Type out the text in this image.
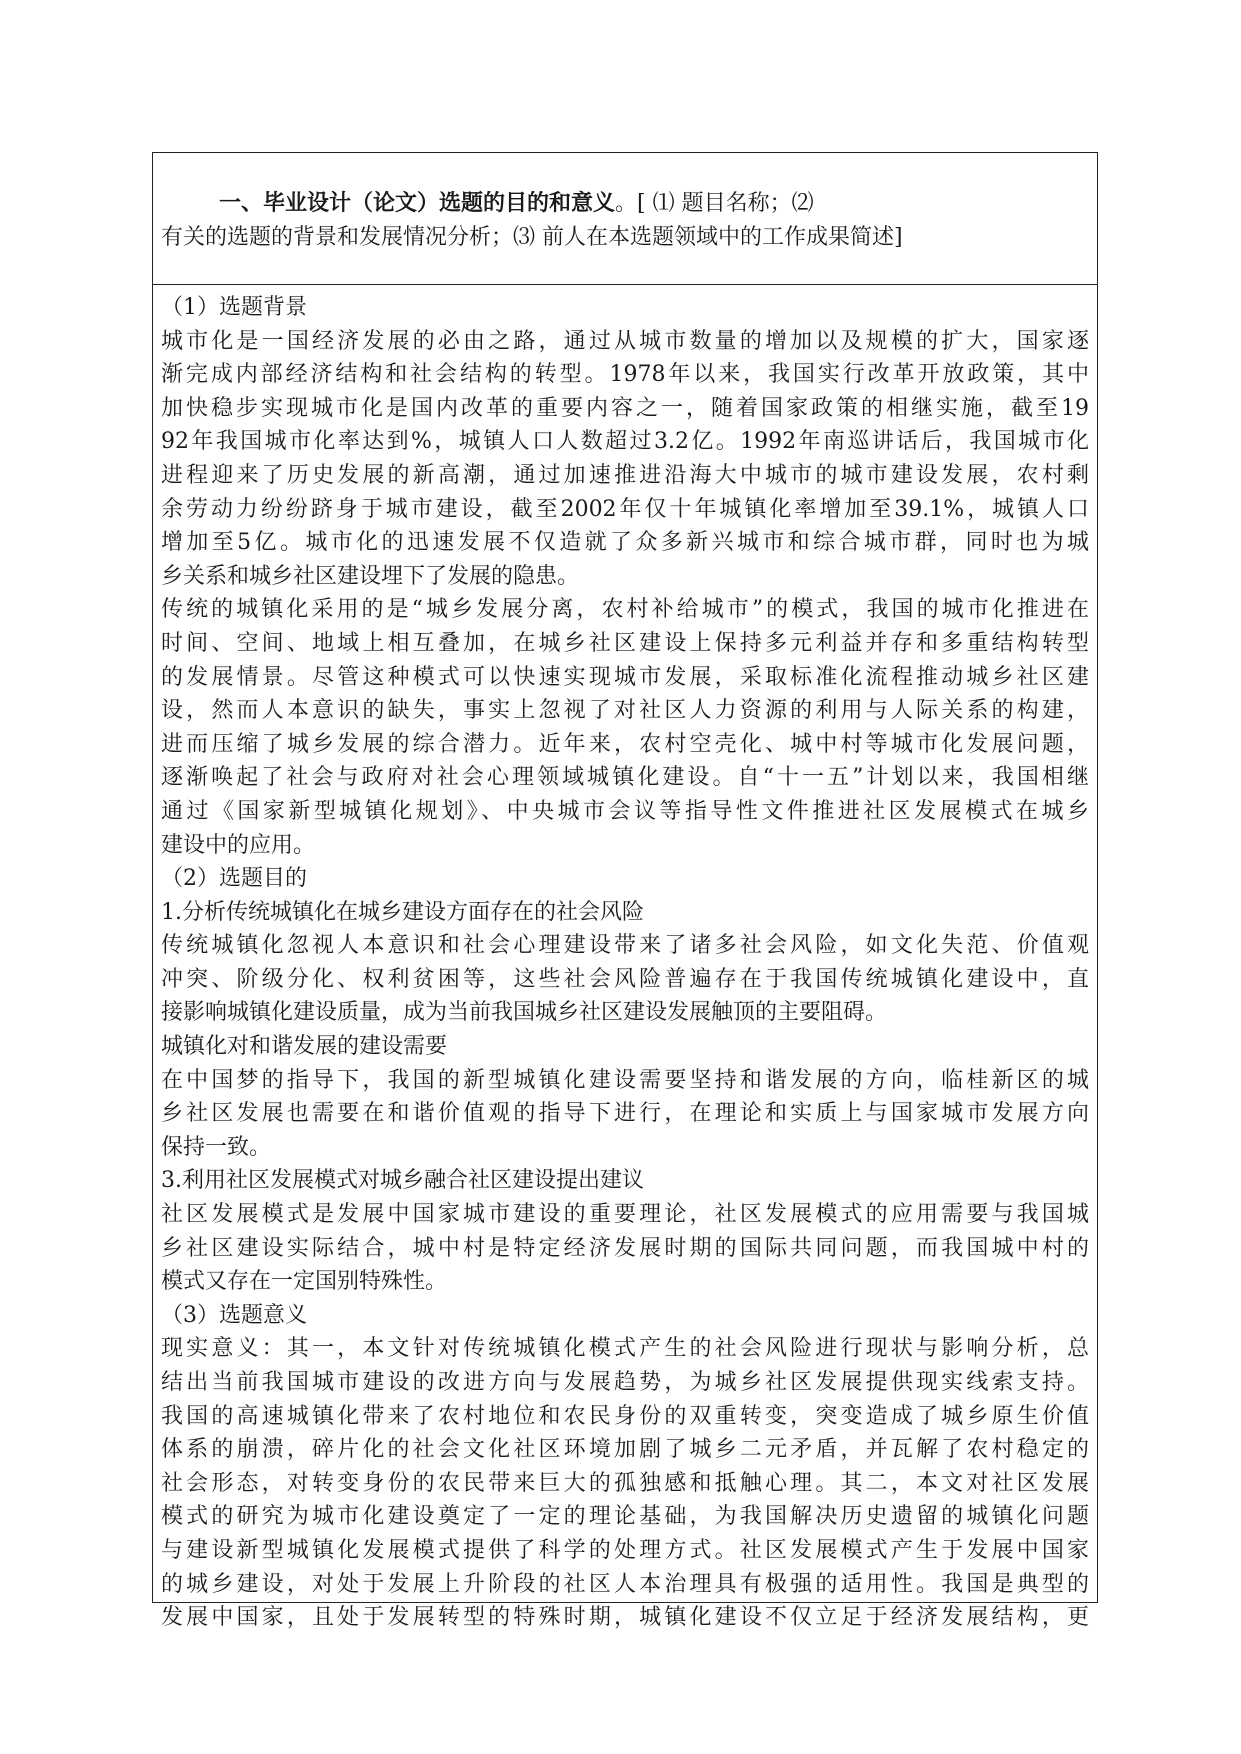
一、毕业设计（论文）选题的目的和意义。[ ⑴ 题目名称；⑵
有关的选题的背景和发展情况分析；⑶ 前人在本选题领域中的工作成果简述]
（1）选题背景
城市化是一国经济发展的必由之路，通过从城市数量的增加以及规模的扩大，国家逐
渐完成内部经济结构和社会结构的转型。1978年以来，我国实行改革开放政策，其中
加快稳步实现城市化是国内改革的重要内容之一，随着国家政策的相继实施，截至19
92年我国城市化率达到%，城镇人口人数超过3.2亿。1992年南巡讲话后，我国城市化
进程迎来了历史发展的新高潮，通过加速推进沿海大中城市的城市建设发展，农村剩
余劳动力纷纷跻身于城市建设，截至2002年仅十年城镇化率增加至39.1%，城镇人口
增加至5亿。城市化的迅速发展不仅造就了众多新兴城市和综合城市群，同时也为城
乡关系和城乡社区建设埋下了发展的隐患。
传统的城镇化采用的是“城乡发展分离，农村补给城市”的模式，我国的城市化推进在
时间、空间、地域上相互叠加，在城乡社区建设上保持多元利益并存和多重结构转型
的发展情景。尽管这种模式可以快速实现城市发展，采取标准化流程推动城乡社区建
设，然而人本意识的缺失，事实上忽视了对社区人力资源的利用与人际关系的构建，
进而压缩了城乡发展的综合潜力。近年来，农村空壳化、城中村等城市化发展问题，
逐渐唤起了社会与政府对社会心理领域城镇化建设。自“十一五”计划以来，我国相继
通过《国家新型城镇化规划》、中央城市会议等指导性文件推进社区发展模式在城乡
建设中的应用。
（2）选题目的
1.分析传统城镇化在城乡建设方面存在的社会风险
传统城镇化忽视人本意识和社会心理建设带来了诸多社会风险，如文化失范、价值观
冲突、阶级分化、权利贫困等，这些社会风险普遍存在于我国传统城镇化建设中，直
接影响城镇化建设质量，成为当前我国城乡社区建设发展触顶的主要阻碍。
城镇化对和谐发展的建设需要
在中国梦的指导下，我国的新型城镇化建设需要坚持和谐发展的方向，临桂新区的城
乡社区发展也需要在和谐价值观的指导下进行，在理论和实质上与国家城市发展方向
保持一致。
3.利用社区发展模式对城乡融合社区建设提出建议
社区发展模式是发展中国家城市建设的重要理论，社区发展模式的应用需要与我国城
乡社区建设实际结合，城中村是特定经济发展时期的国际共同问题，而我国城中村的
模式又存在一定国别特殊性。
（3）选题意义
现实意义：其一，本文针对传统城镇化模式产生的社会风险进行现状与影响分析，总
结出当前我国城市建设的改进方向与发展趋势，为城乡社区发展提供现实线索支持。
我国的高速城镇化带来了农村地位和农民身份的双重转变，突变造成了城乡原生价值
体系的崩溃，碎片化的社会文化社区环境加剧了城乡二元矛盾，并瓦解了农村稳定的
社会形态，对转变身份的农民带来巨大的孤独感和抵触心理。其二，本文对社区发展
模式的研究为城市化建设奠定了一定的理论基础，为我国解决历史遗留的城镇化问题
与建设新型城镇化发展模式提供了科学的处理方式。社区发展模式产生于发展中国家
的城乡建设，对处于发展上升阶段的社区人本治理具有极强的适用性。我国是典型的
发展中国家，且处于发展转型的特殊时期，城镇化建设不仅立足于经济发展结构，更
